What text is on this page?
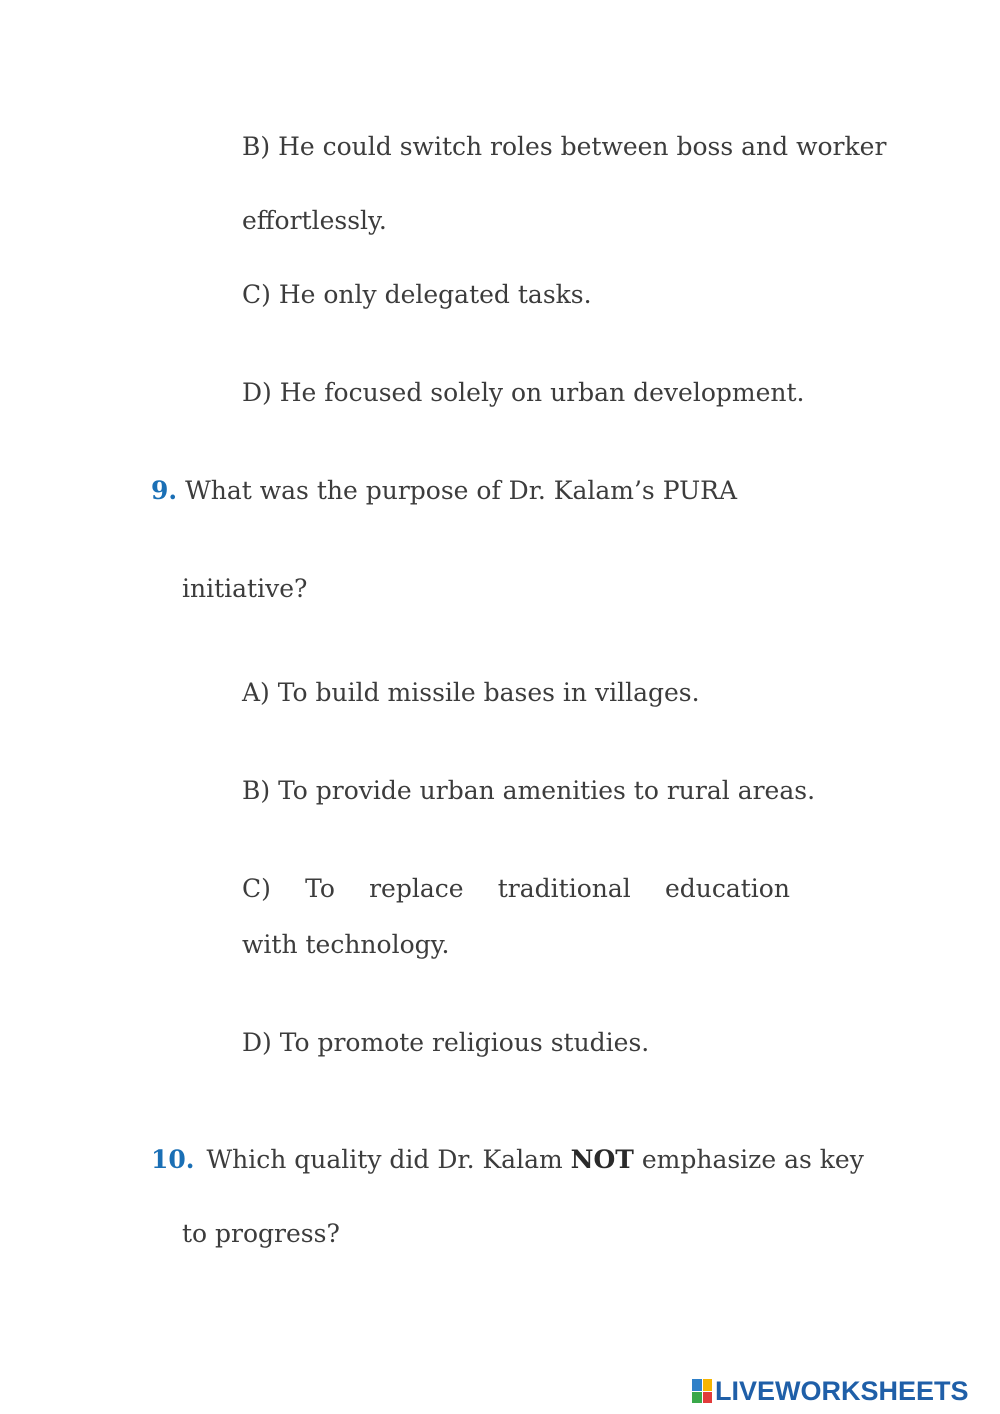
B) He could switch roles between boss and worker
effortlessly.
C) He only delegated tasks.
D) He focused solely on urban development.
9. What was the purpose of Dr. Kalam’s PURA
initiative?
A) To build missile bases in villages.
B) To provide urban amenities to rural areas.
C) To replace traditional education
with technology.
D) To promote religious studies.
10. Which quality did Dr. Kalam NOT emphasize as key
to progress?
LIVEWORKSHEETS
